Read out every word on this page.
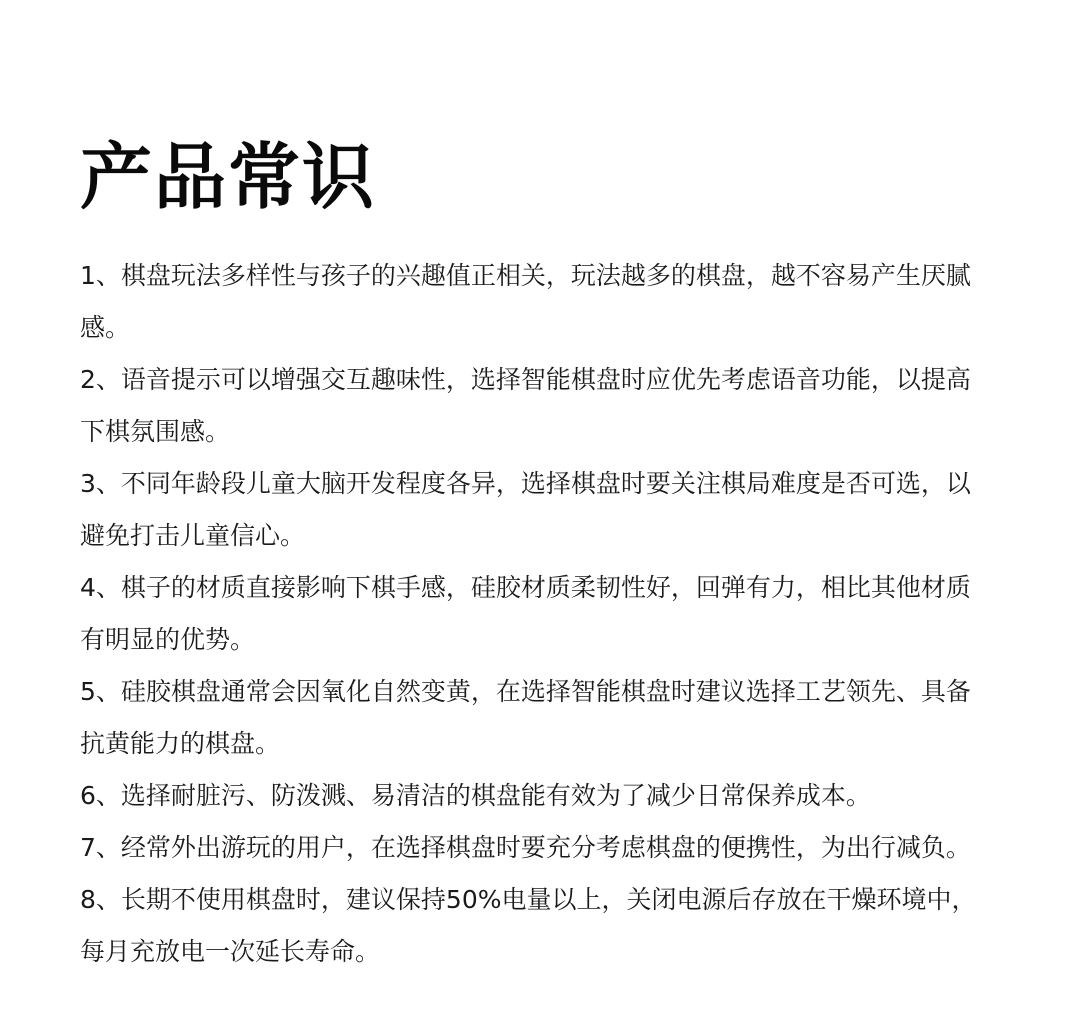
产品常识
1、棋盘玩法多样性与孩子的兴趣值正相关，玩法越多的棋盘，越不容易产生厌腻感。
2、语音提示可以增强交互趣味性，选择智能棋盘时应优先考虑语音功能，以提高下棋氛围感。
3、不同年龄段儿童大脑开发程度各异，选择棋盘时要关注棋局难度是否可选，以避免打击儿童信心。
4、棋子的材质直接影响下棋手感，硅胶材质柔韧性好，回弹有力，相比其他材质有明显的优势。
5、硅胶棋盘通常会因氧化自然变黄，在选择智能棋盘时建议选择工艺领先、具备抗黄能力的棋盘。
6、选择耐脏污、防泼溅、易清洁的棋盘能有效为了减少日常保养成本。
7、经常外出游玩的用户，在选择棋盘时要充分考虑棋盘的便携性，为出行减负。
8、长期不使用棋盘时，建议保持50%电量以上，关闭电源后存放在干燥环境中，每月充放电一次延长寿命。
